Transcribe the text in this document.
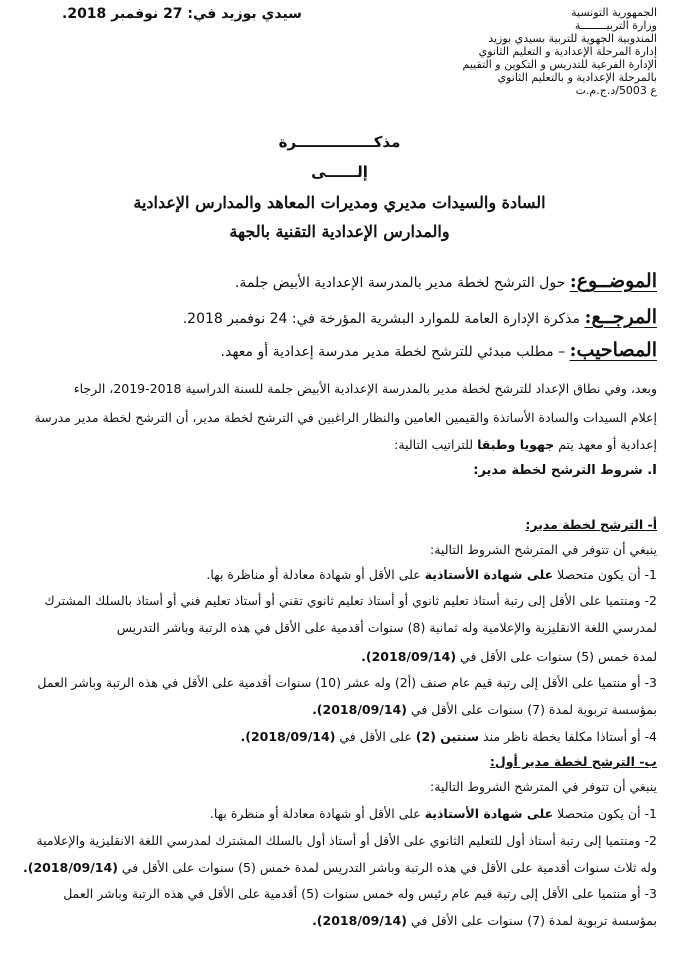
سيدي بوزيد في: 27 نوفمبر 2018.	الجمهورية التونسية
وزارة التربيــــــــة
المندوبية الجهوية للتربية بسيدي بوزيد
إدارة المرحلة الإعدادية و التعليم الثانوي
الإدارة الفرعية للتدريس و التكوين و التقييم
بالمرحلة الإعدادية و بالتعليم الثانوي
ع 5003/د.ج.م.ت
مذكـــــــــــــــرة
إلــــــى
السادة والسيدات مديري ومديرات المعاهد والمدارس الإعدادية
والمدارس الإعدادية التقنية بالجهة
الموضــوع: حول الترشح لخطة مدير بالمدرسة الإعدادية الأبيض جلمة.
المرجــع: مذكرة الإدارة العامة للموارد البشرية المؤرخة في: 24 نوفمبر 2018.
المصاحيب: – مطلب مبدئي للترشح لخطة مدير مدرسة إعدادية أو معهد.
وبعد، وفي نطاق الإعداد للترشح لخطة مدير بالمدرسة الإعدادية الأبيض جلمة للسنة الدراسية 2018-2019، الرجاء
إعلام السيدات والسادة الأساتذة والقيمين العامين والنظار الراغبين في الترشح لخطة مدير، أن الترشح لخطة مدير مدرسة
إعدادية أو معهد يتم جهويا وطبقا للتراتيب التالية:
I. شروط الترشح لخطة مدير:
أ- الترشح لخطة مدير:
ينبغي أن تتوفر في المترشح الشروط التالية:
1- أن يكون متحصلا على شهادة الأستاذية على الأقل أو شهادة معادلة أو مناظرة بها.
2- ومنتميا على الأقل إلى رتبة أستاذ تعليم ثانوي أو أستاذ تعليم ثانوي تقني أو أستاذ تعليم فني أو أستاذ بالسلك المشترك
لمدرسي اللغة الانقليزية والإعلامية وله ثمانية (8) سنوات أقدمية على الأقل في هذه الرتبة وباشر التدريس
لمدة خمس (5) سنوات على الأقل في (2018/09/14).
3- أو منتميا على الأقل إلى رتبة قيم عام صنف (أ2) وله عشر (10) سنوات أقدمية على الأقل في هذه الرتبة وباشر العمل
بمؤسسة تربوية لمدة (7) سنوات على الأقل في (2018/09/14).
4- أو أستاذا مكلفا بخطة ناظر منذ سنتين (2) على الأقل في (2018/09/14).
ب- الترشح لخطة مدير أول:
ينبغي أن تتوفر في المترشح الشروط التالية:
1- أن يكون متحصلا على شهادة الأستاذية على الأقل أو شهادة معادلة أو منظرة بها.
2- ومنتميا إلى رتبة أستاذ أول للتعليم الثانوي على الأقل أو أستاذ أول بالسلك المشترك لمدرسي اللغة الانقليزية والإعلامية
وله ثلاث سنوات أقدمية على الأقل في هذه الرتبة وباشر التدريس لمدة خمس (5) سنوات على الأقل في (2018/09/14).
3- أو منتميا على الأقل إلى رتبة قيم عام رئيس وله خمس سنوات (5) أقدمية على الأقل في هذه الرتبة وباشر العمل
بمؤسسة تربوية لمدة (7) سنوات على الأقل في (2018/09/14).
